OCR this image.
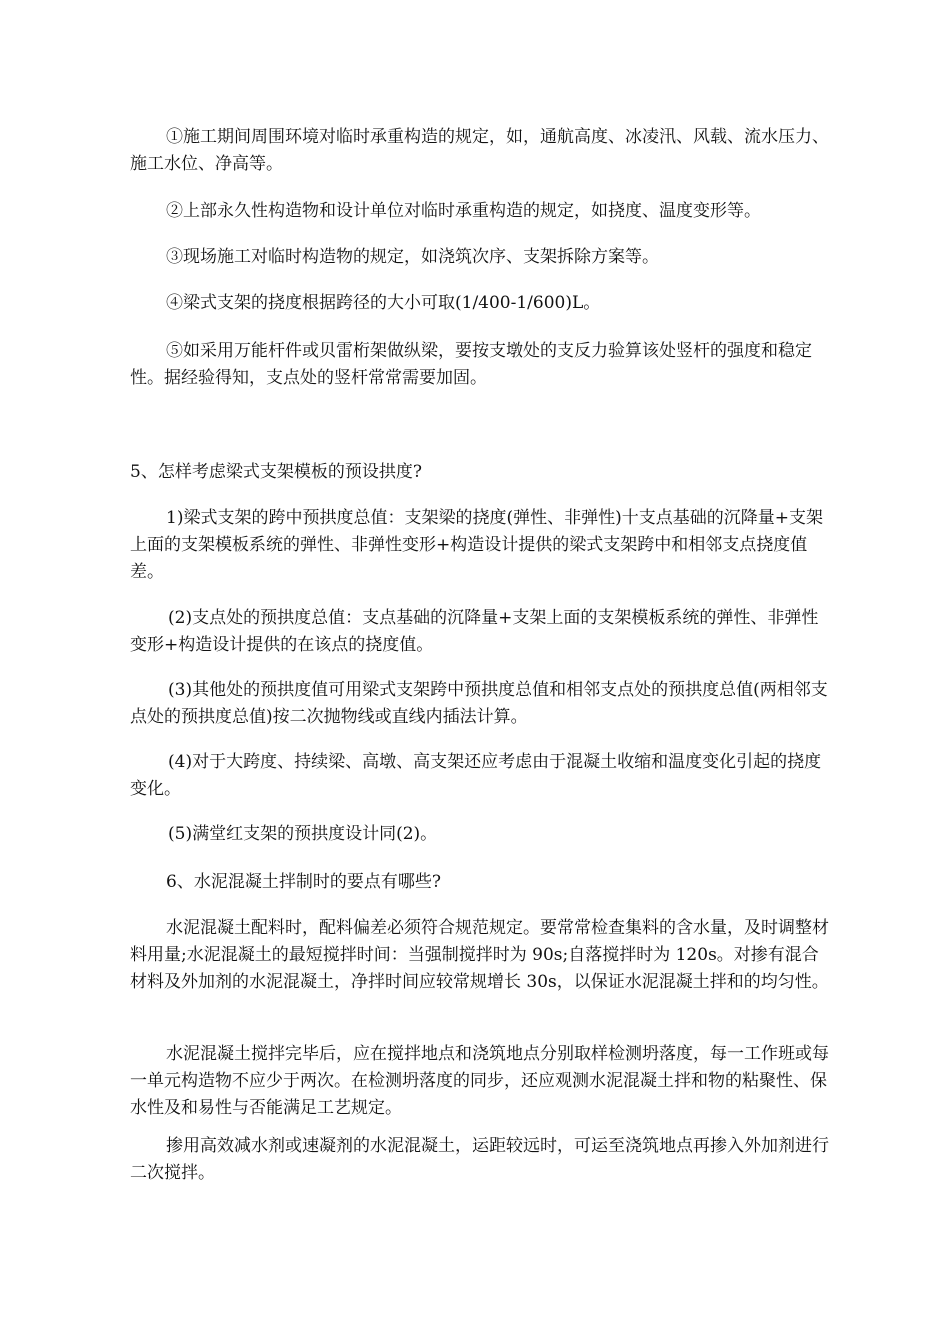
①施工期间周围环境对临时承重构造的规定，如，通航高度、冰凌汛、风载、流水压力、施工水位、净高等。

②上部永久性构造物和设计单位对临时承重构造的规定，如挠度、温度变形等。

③现场施工对临时构造物的规定，如浇筑次序、支架拆除方案等。

④梁式支架的挠度根据跨径的大小可取(1/400-1/600)L。

⑤如采用万能杆件或贝雷桁架做纵梁，要按支墩处的支反力验算该处竖杆的强度和稳定性。据经验得知，支点处的竖杆常常需要加固。

5、怎样考虑梁式支架模板的预设拱度?

1)梁式支架的跨中预拱度总值：支架梁的挠度(弹性、非弹性)十支点基础的沉降量+支架上面的支架模板系统的弹性、非弹性变形+构造设计提供的梁式支架跨中和相邻支点挠度值差。

(2)支点处的预拱度总值：支点基础的沉降量+支架上面的支架模板系统的弹性、非弹性变形+构造设计提供的在该点的挠度值。

(3)其他处的预拱度值可用梁式支架跨中预拱度总值和相邻支点处的预拱度总值(两相邻支点处的预拱度总值)按二次抛物线或直线内插法计算。

(4)对于大跨度、持续梁、高墩、高支架还应考虑由于混凝土收缩和温度变化引起的挠度变化。

(5)满堂红支架的预拱度设计同(2)。

6、水泥混凝土拌制时的要点有哪些?

水泥混凝土配料时，配料偏差必须符合规范规定。要常常检查集料的含水量，及时调整材料用量;水泥混凝土的最短搅拌时间：当强制搅拌时为 90s;自落搅拌时为 120s。对掺有混合材料及外加剂的水泥混凝土，净拌时间应较常规增长 30s，以保证水泥混凝土拌和的均匀性。

水泥混凝土搅拌完毕后，应在搅拌地点和浇筑地点分别取样检测坍落度，每一工作班或每一单元构造物不应少于两次。在检测坍落度的同步，还应观测水泥混凝土拌和物的粘聚性、保水性及和易性与否能满足工艺规定。

掺用高效减水剂或速凝剂的水泥混凝土，运距较远时，可运至浇筑地点再掺入外加剂进行二次搅拌。
